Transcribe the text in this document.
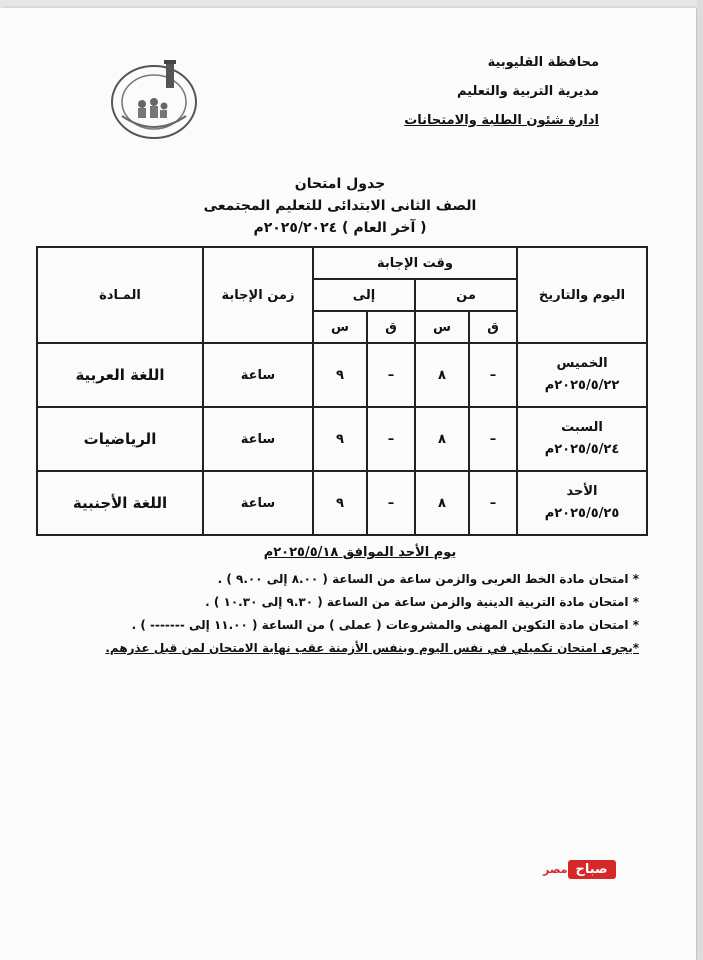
محافظة القليوبية
مديرية التربية والتعليم
ادارة شئون الطلبة والامتحانات
جدول امتحان
الصف الثانى الابتدائى للتعليم المجتمعى
( آخر العام ) ٢٠٢٥/٢٠٢٤م
اليوم والتاريخ	وقت الإجابة				زمن الإجابة	المـادة
	من		إلى			
	ق	س	ق	س		

الخميس
٢٠٢٥/٥/٢٢م	–	٨	–	٩	ساعة	اللغة العربية

السبت
٢٠٢٥/٥/٢٤م	–	٨	–	٩	ساعة	الرياضيات

الأحد
٢٠٢٥/٥/٢٥م	–	٨	–	٩	ساعة	اللغة الأجنبية
يوم الأحد الموافق ٢٠٢٥/٥/١٨م
* امتحان مادة الخط العربى والزمن ساعة من الساعة ( ٨.٠٠ إلى ٩.٠٠ ) .
* امتحان مادة التربية الدينية والزمن ساعة من الساعة ( ٩.٣٠ إلى ١٠.٣٠ ) .
* امتحان مادة التكوين المهنى والمشروعات ( عملى ) من الساعة ( ١١.٠٠ إلى ------- ) .
*يجرى امتحان تكميلي في نفس اليوم وبنفس الأزمنة عقب نهاية الامتحان لمن قبل عذرهم.
مصر صباح
